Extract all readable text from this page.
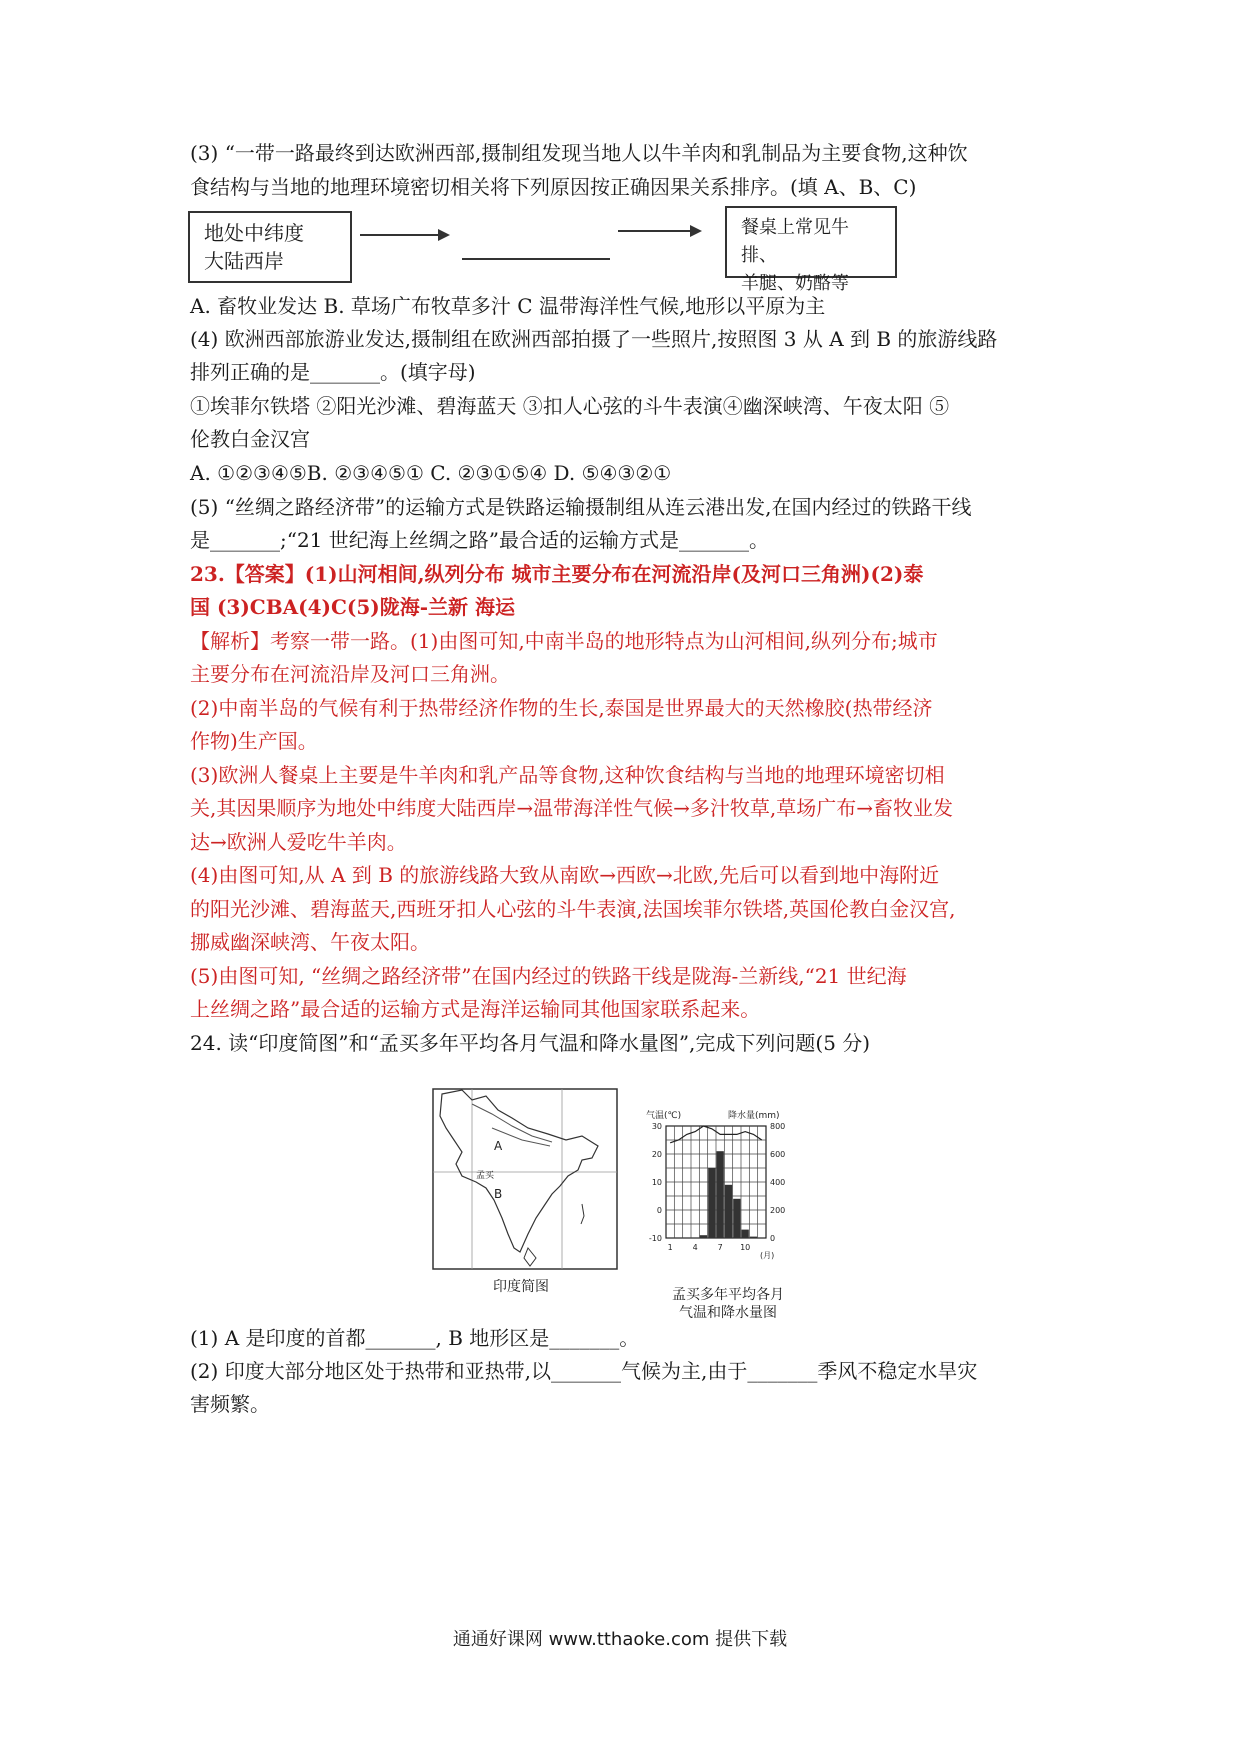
(3) “一带一路最终到达欧洲西部,摄制组发现当地人以牛羊肉和乳制品为主要食物,这种饮
食结构与当地的地理环境密切相关将下列原因按正确因果关系排序。(填 A、B、C)
地处中纬度
大陆西岸
餐桌上常见牛排、
羊腿、奶酪等
A. 畜牧业发达 B. 草场广布牧草多汁 C 温带海洋性气候,地形以平原为主
(4) 欧洲西部旅游业发达,摄制组在欧洲西部拍摄了一些照片,按照图 3 从 A 到 B 的旅游线路
排列正确的是_______。(填字母)
①埃菲尔铁塔 ②阳光沙滩、碧海蓝天 ③扣人心弦的斗牛表演④幽深峡湾、午夜太阳 ⑤
伦教白金汉宫
A. ①②③④⑤B. ②③④⑤① C. ②③①⑤④ D. ⑤④③②①
(5) “丝绸之路经济带”的运输方式是铁路运输摄制组从连云港出发,在国内经过的铁路干线
是_______;“21 世纪海上丝绸之路”最合适的运输方式是_______。
23.【答案】(1)山河相间,纵列分布 城市主要分布在河流沿岸(及河口三角洲)(2)泰
国 (3)CBA(4)C(5)陇海-兰新 海运
【解析】考察一带一路。(1)由图可知,中南半岛的地形特点为山河相间,纵列分布;城市
主要分布在河流沿岸及河口三角洲。
(2)中南半岛的气候有利于热带经济作物的生长,泰国是世界最大的天然橡胶(热带经济
作物)生产国。
(3)欧洲人餐桌上主要是牛羊肉和乳产品等食物,这种饮食结构与当地的地理环境密切相
关,其因果顺序为地处中纬度大陆西岸→温带海洋性气候→多汁牧草,草场广布→畜牧业发
达→欧洲人爱吃牛羊肉。
(4)由图可知,从 A 到 B 的旅游线路大致从南欧→西欧→北欧,先后可以看到地中海附近
的阳光沙滩、碧海蓝天,西班牙扣人心弦的斗牛表演,法国埃菲尔铁塔,英国伦教白金汉宫,
挪威幽深峡湾、午夜太阳。
(5)由图可知, “丝绸之路经济带”在国内经过的铁路干线是陇海-兰新线,“21 世纪海
上丝绸之路”最合适的运输方式是海洋运输同其他国家联系起来。
24. 读“印度简图”和“孟买多年平均各月气温和降水量图”,完成下列问题(5 分)
A
B
孟买
印度简图
气温(℃)	降水量(mm)
30
20
10
0
-10
800
600
400
200
0
1 4 7 10
(月)
孟买多年平均各月
气温和降水量图
(1) A 是印度的首都_______, B 地形区是_______。
(2) 印度大部分地区处于热带和亚热带,以_______气候为主,由于_______季风不稳定水旱灾
害频繁。
通通好课网 www.tthaoke.com 提供下载
